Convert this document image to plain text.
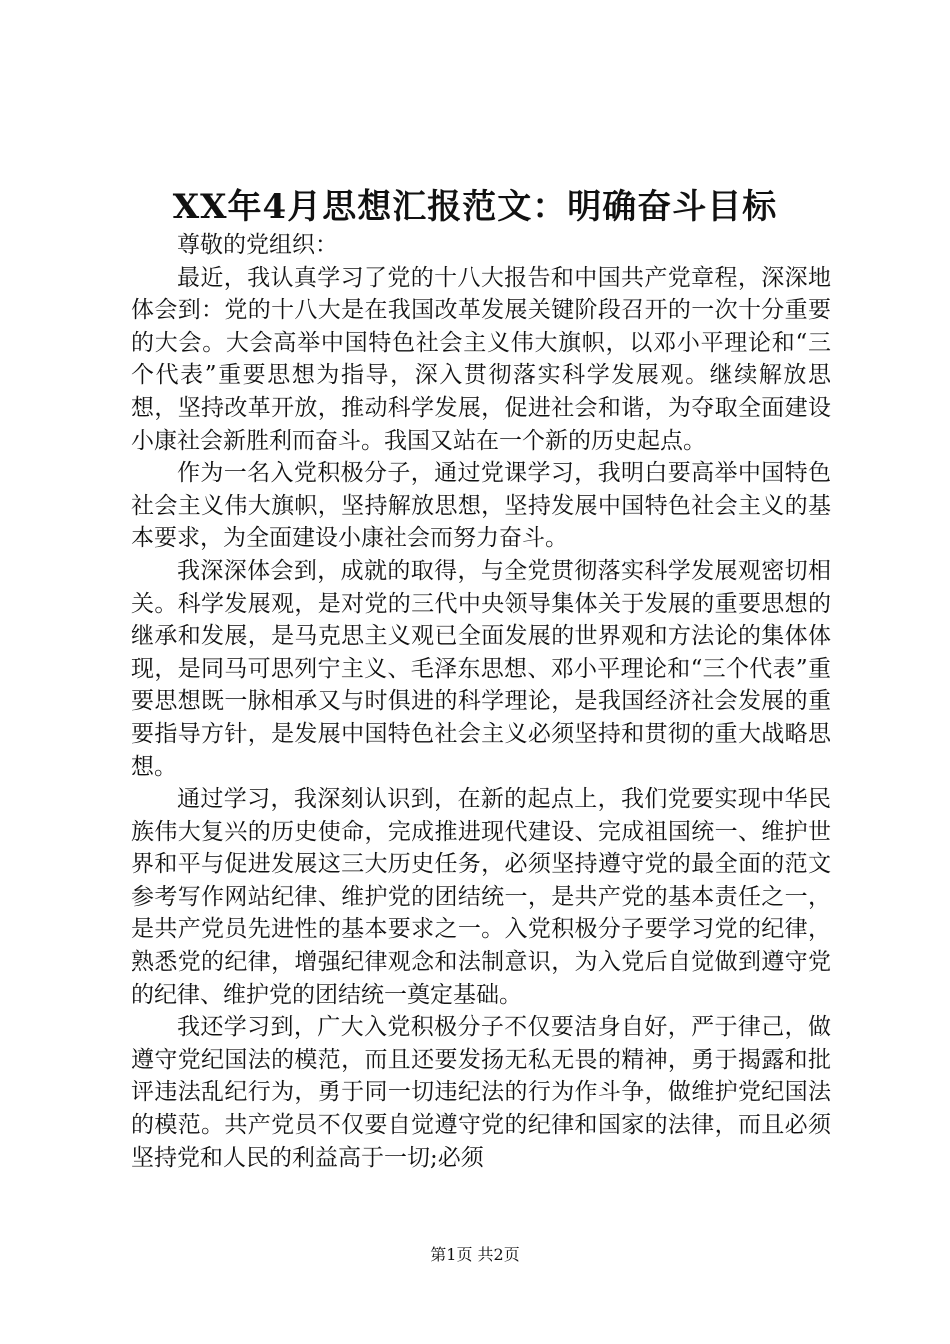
XX年4月思想汇报范文：明确奋斗目标

尊敬的党组织：

最近，我认真学习了党的十八大报告和中国共产党章程，深深地体会到：党的十八大是在我国改革发展关键阶段召开的一次十分重要的大会。大会高举中国特色社会主义伟大旗帜，以邓小平理论和“三个代表”重要思想为指导，深入贯彻落实科学发展观。继续解放思想，坚持改革开放，推动科学发展，促进社会和谐，为夺取全面建设小康社会新胜利而奋斗。我国又站在一个新的历史起点。

作为一名入党积极分子，通过党课学习，我明白要高举中国特色社会主义伟大旗帜，坚持解放思想，坚持发展中国特色社会主义的基本要求，为全面建设小康社会而努力奋斗。

我深深体会到，成就的取得，与全党贯彻落实科学发展观密切相关。科学发展观，是对党的三代中央领导集体关于发展的重要思想的继承和发展，是马克思主义观已全面发展的世界观和方法论的集体体现，是同马可思列宁主义、毛泽东思想、邓小平理论和“三个代表”重要思想既一脉相承又与时俱进的科学理论，是我国经济社会发展的重要指导方针，是发展中国特色社会主义必须坚持和贯彻的重大战略思想。

通过学习，我深刻认识到，在新的起点上，我们党要实现中华民族伟大复兴的历史使命，完成推进现代建设、完成祖国统一、维护世界和平与促进发展这三大历史任务，必须坚持遵守党的最全面的范文参考写作网站纪律、维护党的团结统一，是共产党的基本责任之一，是共产党员先进性的基本要求之一。入党积极分子要学习党的纪律，熟悉党的纪律，增强纪律观念和法制意识，为入党后自觉做到遵守党的纪律、维护党的团结统一奠定基础。

我还学习到，广大入党积极分子不仅要洁身自好，严于律己，做遵守党纪国法的模范，而且还要发扬无私无畏的精神，勇于揭露和批评违法乱纪行为，勇于同一切违纪法的行为作斗争，做维护党纪国法的模范。共产党员不仅要自觉遵守党的纪律和国家的法律，而且必须坚持党和人民的利益高于一切;必须

第1页 共2页
